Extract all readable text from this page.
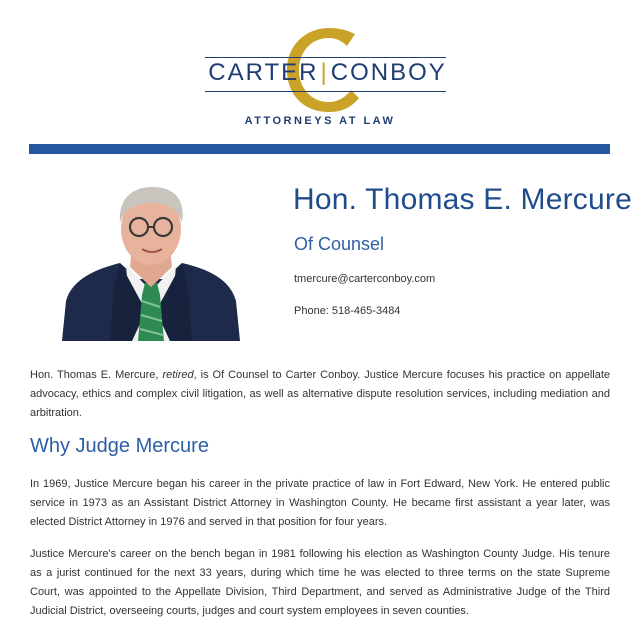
CARTER|CONBOY
ATTORNEYS AT LAW
Hon. Thomas E. Mercure
Of Counsel
tmercure@carterconboy.com
Phone: 518-465-3484
Hon. Thomas E. Mercure, retired, is Of Counsel to Carter Conboy. Justice Mercure focuses his practice on appellate advocacy, ethics and complex civil litigation, as well as alternative dispute resolution services, including mediation and arbitration.
Why Judge Mercure
In 1969, Justice Mercure began his career in the private practice of law in Fort Edward, New York. He entered public service in 1973 as an Assistant District Attorney in Washington County. He became first assistant a year later, was elected District Attorney in 1976 and served in that position for four years.
Justice Mercure's career on the bench began in 1981 following his election as Washington County Judge. His tenure as a jurist continued for the next 33 years, during which time he was elected to three terms on the state Supreme Court, was appointed to the Appellate Division, Third Department, and served as Administrative Judge of the Third Judicial District, overseeing courts, judges and court system employees in seven counties.
